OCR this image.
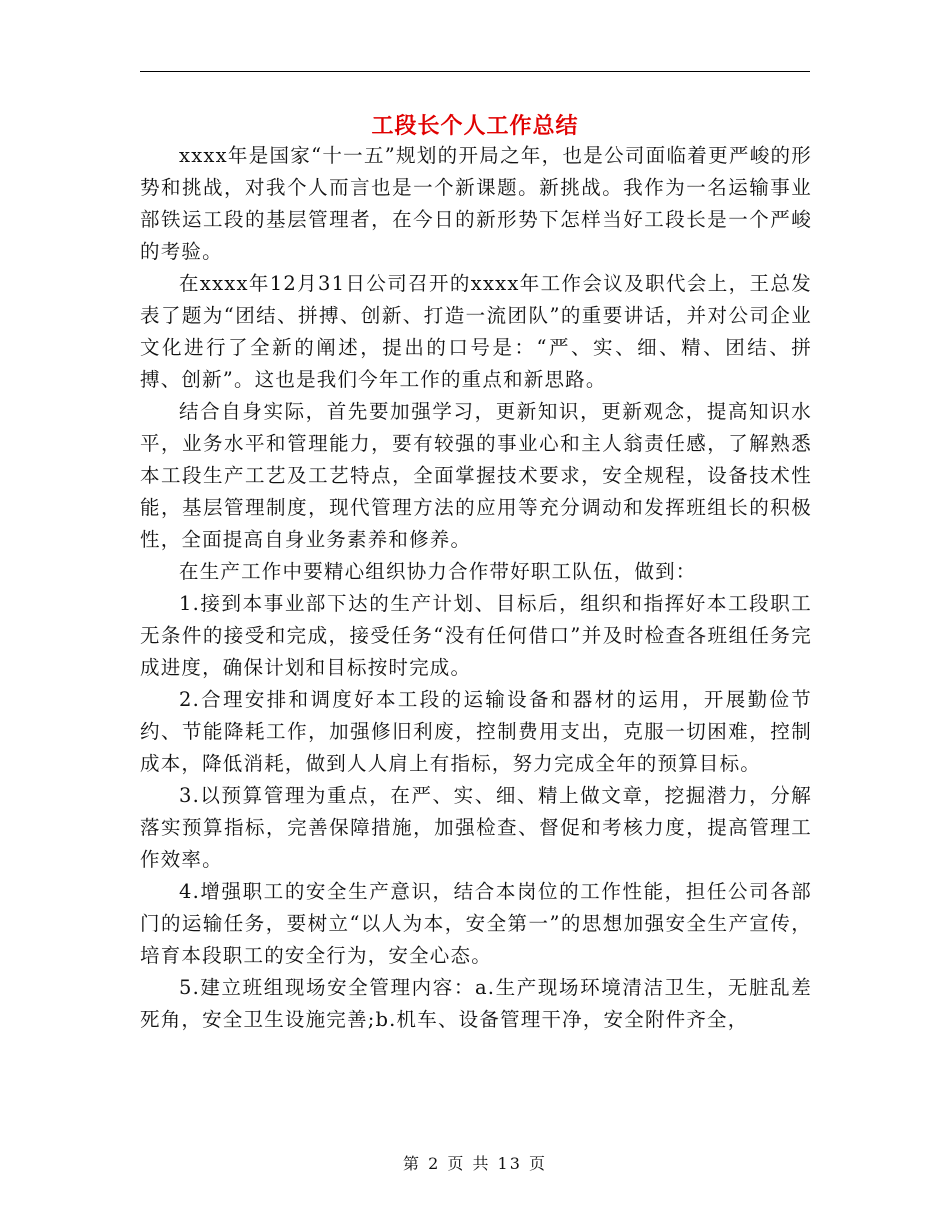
工段长个人工作总结

xxxx年是国家“十一五”规划的开局之年，也是公司面临着更严峻的形势和挑战，对我个人而言也是一个新课题。新挑战。我作为一名运输事业部铁运工段的基层管理者，在今日的新形势下怎样当好工段长是一个严峻的考验。

在xxxx年12月31日公司召开的xxxx年工作会议及职代会上，王总发表了题为“团结、拼搏、创新、打造一流团队”的重要讲话，并对公司企业文化进行了全新的阐述，提出的口号是：“严、实、细、精、团结、拼搏、创新”。这也是我们今年工作的重点和新思路。

结合自身实际，首先要加强学习，更新知识，更新观念，提高知识水平，业务水平和管理能力，要有较强的事业心和主人翁责任感，了解熟悉本工段生产工艺及工艺特点，全面掌握技术要求，安全规程，设备技术性能，基层管理制度，现代管理方法的应用等充分调动和发挥班组长的积极性，全面提高自身业务素养和修养。

在生产工作中要精心组织协力合作带好职工队伍，做到：

1.接到本事业部下达的生产计划、目标后，组织和指挥好本工段职工无条件的接受和完成，接受任务“没有任何借口”并及时检查各班组任务完成进度，确保计划和目标按时完成。

2.合理安排和调度好本工段的运输设备和器材的运用，开展勤俭节约、节能降耗工作，加强修旧利废，控制费用支出，克服一切困难，控制成本，降低消耗，做到人人肩上有指标，努力完成全年的预算目标。

3.以预算管理为重点，在严、实、细、精上做文章，挖掘潜力，分解落实预算指标，完善保障措施，加强检查、督促和考核力度，提高管理工作效率。

4.增强职工的安全生产意识，结合本岗位的工作性能，担任公司各部门的运输任务，要树立“以人为本，安全第一”的思想加强安全生产宣传，培育本段职工的安全行为，安全心态。

5.建立班组现场安全管理内容：a.生产现场环境清洁卫生，无脏乱差死角，安全卫生设施完善;b.机车、设备管理干净，安全附件齐全，

第 2 页 共 13 页
